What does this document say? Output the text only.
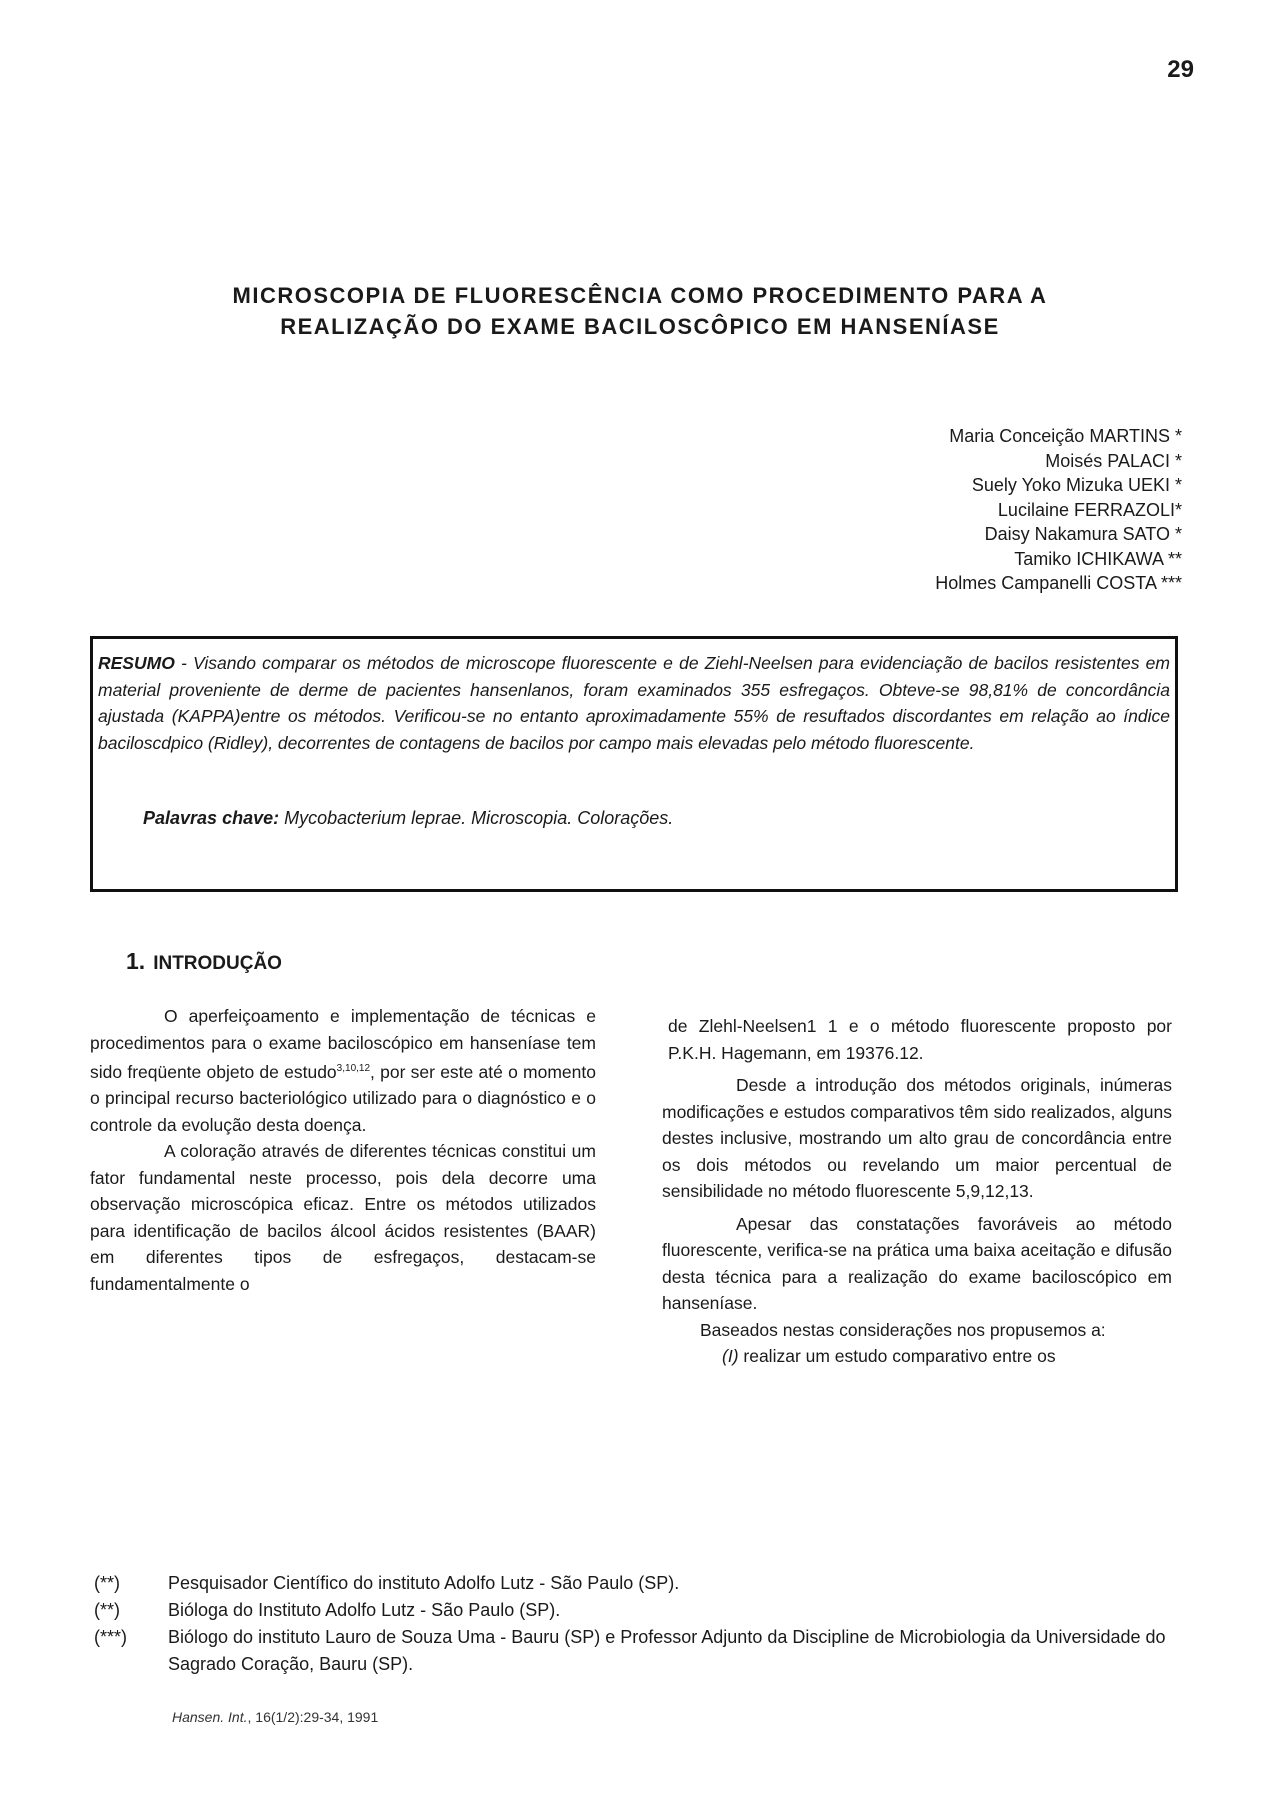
29
MICROSCOPIA DE FLUORESCÊNCIA COMO PROCEDIMENTO PARA A
REALIZAÇÃO DO EXAME BACILOSCÔPICO EM HANSENÍASE
Maria Conceição MARTINS *
Moisés PALACI *
Suely Yoko Mizuka UEKI *
Lucilaine FERRAZOLI*
Daisy Nakamura SATO *
Tamiko ICHIKAWA **
Holmes Campanelli COSTA ***
RESUMO - Visando comparar os métodos de microscope fluorescente e de Ziehl-Neelsen para evidenciação de bacilos resistentes em material proveniente de derme de pacientes hansenlanos, foram examinados 355 esfregaços. Obteve-se 98,81% de concordância ajustada (KAPPA)entre os métodos. Verificou-se no entanto aproximadamente 55% de resuftados discordantes em relação ao índice baciloscdpico (Ridley), decorrentes de contagens de bacilos por campo mais elevadas pelo método fluorescente.
Palavras chave: Mycobacterium leprae. Microscopia. Colorações.
1. INTRODUÇÃO

O aperfeiçoamento e implementação de técnicas e procedimentos para o exame baciloscópico em hanseníase tem sido freqüente objeto de estudo$^{3,10,12}$, por ser este até o momento o principal recurso bacteriológico utilizado para o diagnóstico e o controle da evolução desta doença.

A coloração através de diferentes técnicas constitui um fator fundamental neste processo, pois dela decorre uma observação microscópica eficaz. Entre os métodos utilizados para identificação de bacilos álcool ácidos resistentes (BAAR) em diferentes tipos de esfregaços, destacam-se fundamentalmente o

de Zlehl-Neelsen1 1 e o método fluorescente proposto por P.K.H. Hagemann, em 19376.12.

Desde a introdução dos métodos originals, inúmeras modificações e estudos comparativos têm sido realizados, alguns destes inclusive, mostrando um alto grau de concordância entre os dois métodos ou revelando um maior percentual de sensibilidade no método fluorescente 5,9,12,13.

Apesar das constatações favoráveis ao método fluorescente, verifica-se na prática uma baixa aceitação e difusão desta técnica para a realização do exame baciloscópico em hanseníase.

Baseados nestas considerações nos propusemos a:

(I) realizar um estudo comparativo entre os

(**)	Pesquisador Científico do instituto Adolfo Lutz - São Paulo (SP).
(**)	Bióloga do Instituto Adolfo Lutz - São Paulo (SP).
(***)	Biólogo do instituto Lauro de Souza Uma - Bauru (SP) e Professor Adjunto da Discipline de Microbiologia da Universidade do Sagrado Coração, Bauru (SP).
Hansen. Int., 16(1/2):29-34, 1991
